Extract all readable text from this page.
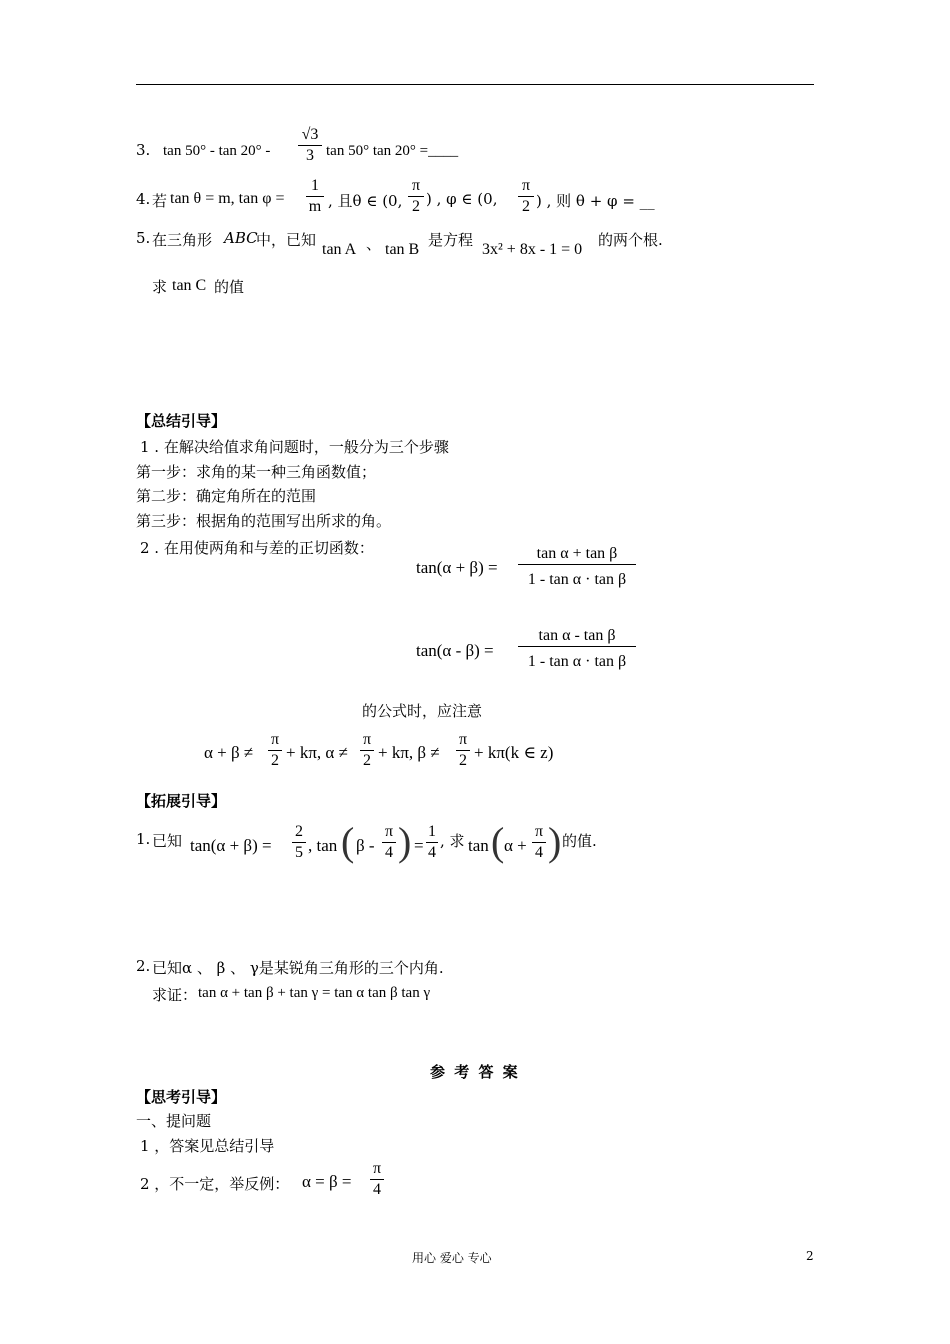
3. tan 50° - tan 20° -
√3
3 tan 50° tan 20° =____
4. 若 tan θ = m, tan φ =
1
m , 且θ ∈ (0,
π
2 ) , φ ∈ (0,
π
2 ) , 则 θ + φ = __
5. 在三角形 ABC
中，已知
tan A 、 tan B
是方程
3x² + 8x - 1 = 0
的两个根.
求 tan C 的值
【总结引导】
1 . 在解决给值求角问题时，一般分为三个步骤
第一步：求角的某一种三角函数值；
第二步：确定角所在的范围
第三步：根据角的范围写出所求的角。
2 . 在用使两角和与差的正切函数：
tan(α + β) =
tan α + tan β
1 - tan α · tan β
tan(α - β) =
tan α - tan β
1 - tan α · tan β
的公式时，应注意
α + β ≠
π
2 + kπ, α ≠
π
2 + kπ, β ≠
π
2 + kπ(k ∈ z)
【拓展引导】
1. 已知 tan(α + β) =
2
5 , tan ( β -
π
4 ) =
1
4
, 求 tan ( α +
π
4 ) 的值.
2. 已知α 、 β 、 γ是某锐角三角形的三个内角.
求证： tan α + tan β + tan γ = tan α tan β tan γ
参 考 答 案
【思考引导】
一、提问题
1 ，答案见总结引导
2 ，不一定，举反例： α = β =
π
4
用心 爱心 专心	2
